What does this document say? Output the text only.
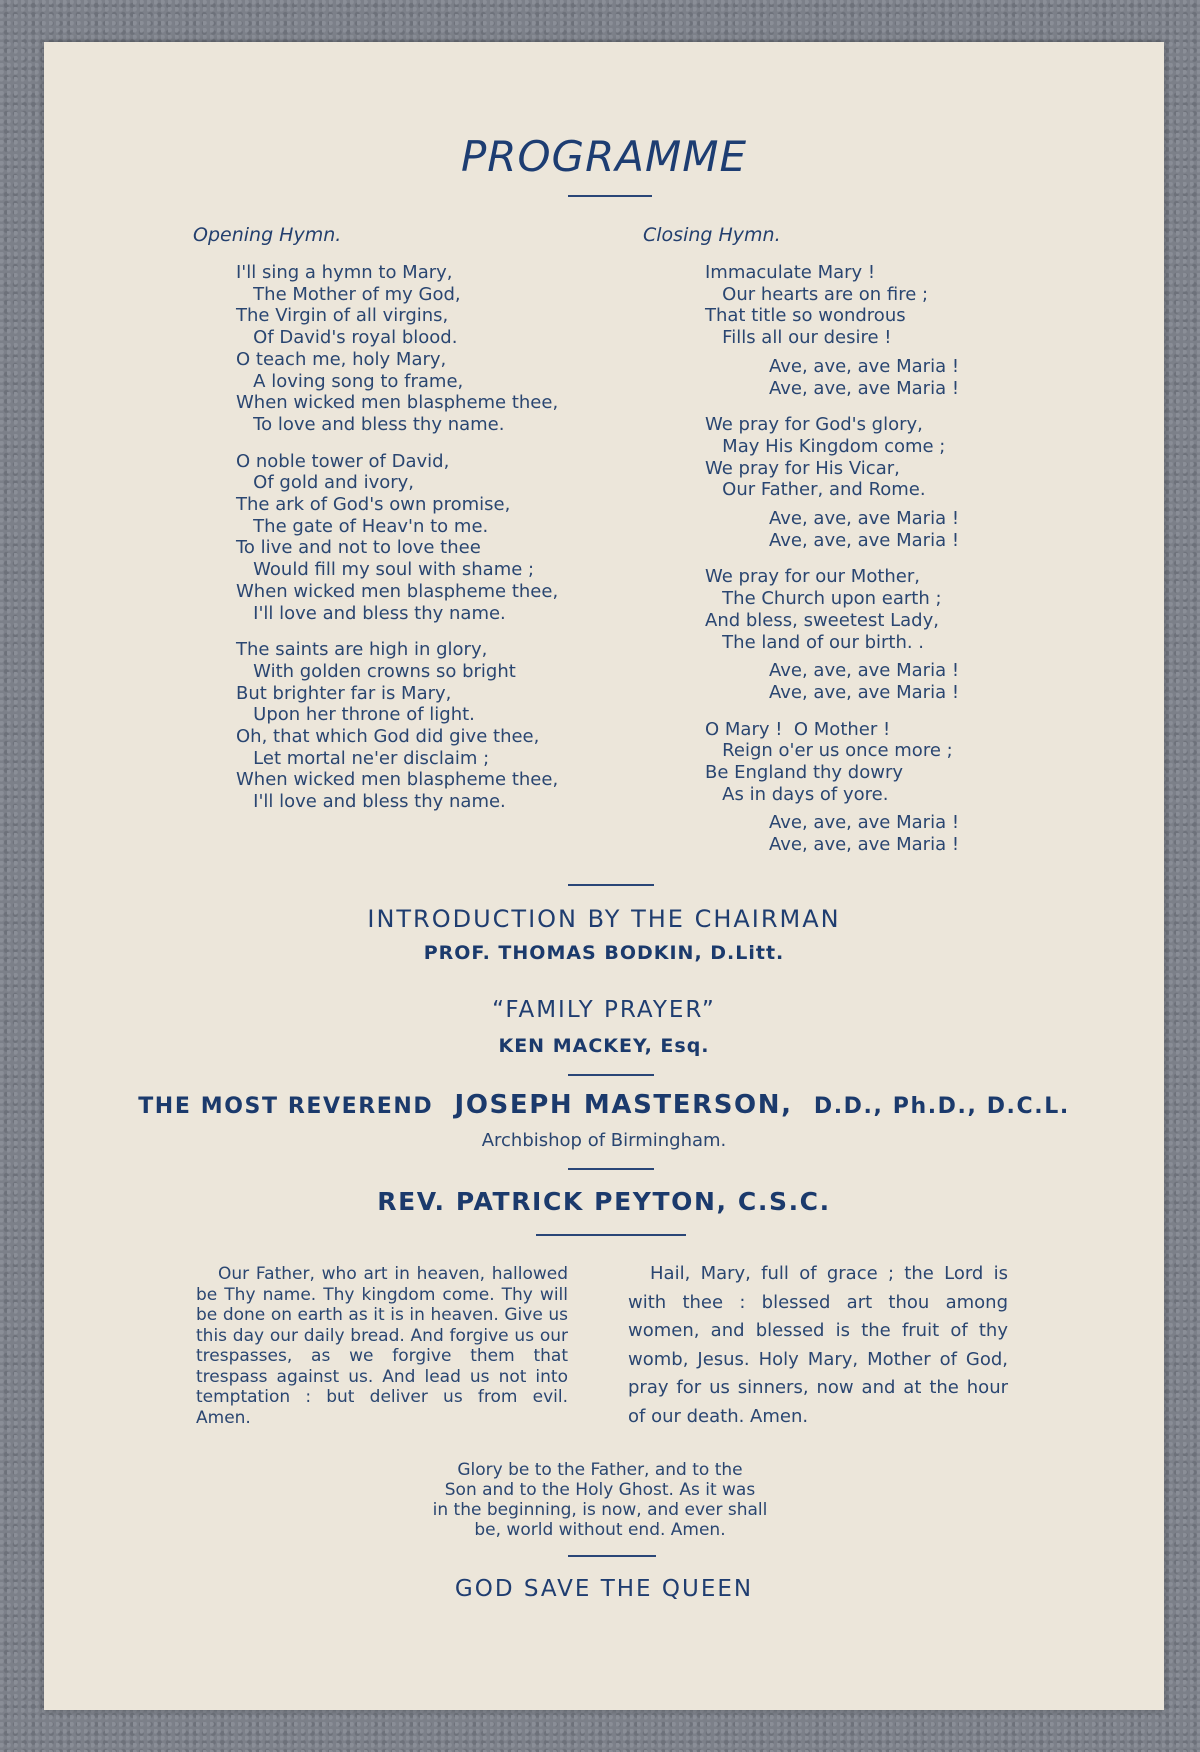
PROGRAMME
Opening Hymn.
I'll sing a hymn to Mary,
The Mother of my God,
The Virgin of all virgins,
Of David's royal blood.
O teach me, holy Mary,
A loving song to frame,
When wicked men blaspheme thee,
To love and bless thy name.
O noble tower of David,
Of gold and ivory,
The ark of God's own promise,
The gate of Heav'n to me.
To live and not to love thee
Would fill my soul with shame ;
When wicked men blaspheme thee,
I'll love and bless thy name.
The saints are high in glory,
With golden crowns so bright
But brighter far is Mary,
Upon her throne of light.
Oh, that which God did give thee,
Let mortal ne'er disclaim ;
When wicked men blaspheme thee,
I'll love and bless thy name.
Closing Hymn.
Immaculate Mary !
Our hearts are on fire ;
That title so wondrous
Fills all our desire !
Ave, ave, ave Maria !
Ave, ave, ave Maria !
We pray for God's glory,
May His Kingdom come ;
We pray for His Vicar,
Our Father, and Rome.
Ave, ave, ave Maria !
Ave, ave, ave Maria !
We pray for our Mother,
The Church upon earth ;
And bless, sweetest Lady,
The land of our birth. .
Ave, ave, ave Maria !
Ave, ave, ave Maria !
O Mary !  O Mother !
Reign o'er us once more ;
Be England thy dowry
As in days of yore.
Ave, ave, ave Maria !
Ave, ave, ave Maria !
INTRODUCTION BY THE CHAIRMAN
PROF. THOMAS BODKIN, D.Litt.
“FAMILY PRAYER”
KEN MACKEY, Esq.
THE MOST REVEREND JOSEPH MASTERSON, D.D., Ph.D., D.C.L.
Archbishop of Birmingham.
REV. PATRICK PEYTON, C.S.C.
Our Father, who art in heaven, hallowed be Thy name. Thy kingdom come. Thy will be done on earth as it is in heaven. Give us this day our daily bread. And forgive us our trespasses, as we forgive them that trespass against us. And lead us not into temptation : but deliver us from evil. Amen.
Hail, Mary, full of grace ; the Lord is with thee : blessed art thou among women, and blessed is the fruit of thy womb, Jesus. Holy Mary, Mother of God, pray for us sinners, now and at the hour of our death. Amen.
Glory be to the Father, and to the
Son and to the Holy Ghost. As it was
in the beginning, is now, and ever shall
be, world without end. Amen.
GOD SAVE THE QUEEN
